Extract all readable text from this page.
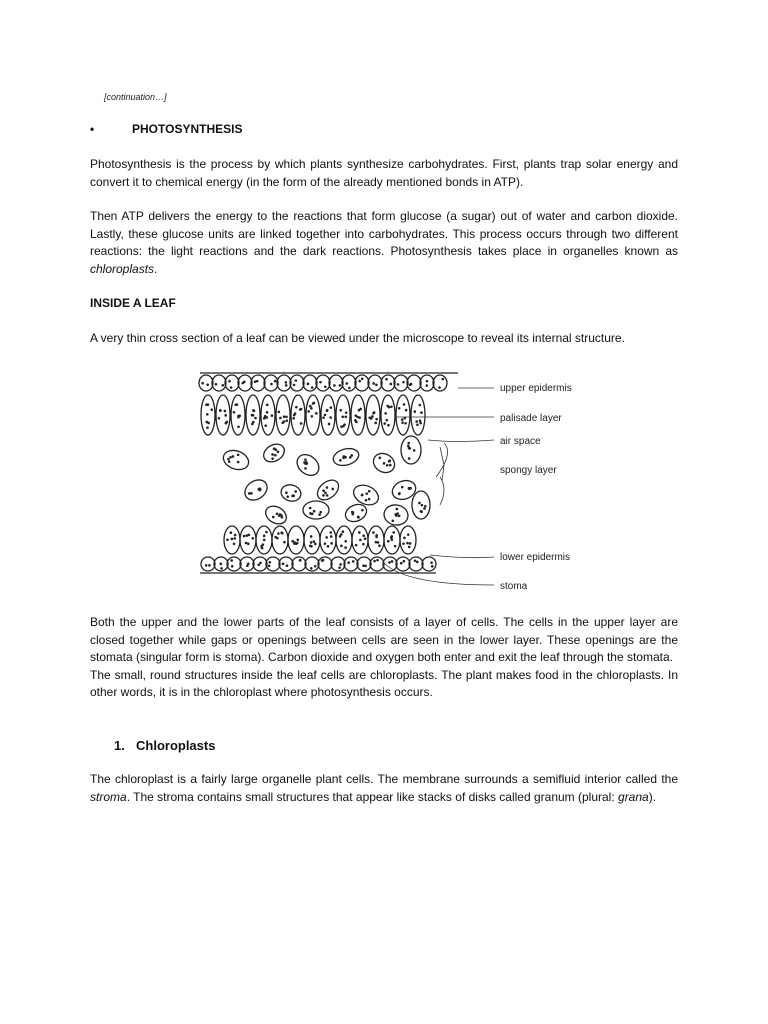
[continuation…]
•	PHOTOSYNTHESIS
Photosynthesis is the process by which plants synthesize carbohydrates. First, plants trap solar energy and convert it to chemical energy (in the form of the already mentioned bonds in ATP).
Then ATP delivers the energy to the reactions that form glucose (a sugar) out of water and carbon dioxide. Lastly, these glucose units are linked together into carbohydrates. This process occurs through two different reactions: the light reactions and the dark reactions. Photosynthesis takes place in organelles known as chloroplasts.
INSIDE A LEAF
A very thin cross section of a leaf can be viewed under the microscope to reveal its internal structure.
upper epidermis
palisade layer
air space
spongy layer
lower epidermis
stoma
Both the upper and the lower parts of the leaf consists of a layer of cells. The cells in the upper layer are closed together while gaps or openings between cells are seen in the lower layer. These openings are the stomata (singular form is stoma). Carbon dioxide and oxygen both enter and exit the leaf through the stomata.
The small, round structures inside the leaf cells are chloroplasts. The plant makes food in the chloroplasts. In other words, it is in the chloroplast where photosynthesis occurs.
1. Chloroplasts
The chloroplast is a fairly large organelle plant cells. The membrane surrounds a semifluid interior called the stroma. The stroma contains small structures that appear like stacks of disks called granum (plural: grana).
